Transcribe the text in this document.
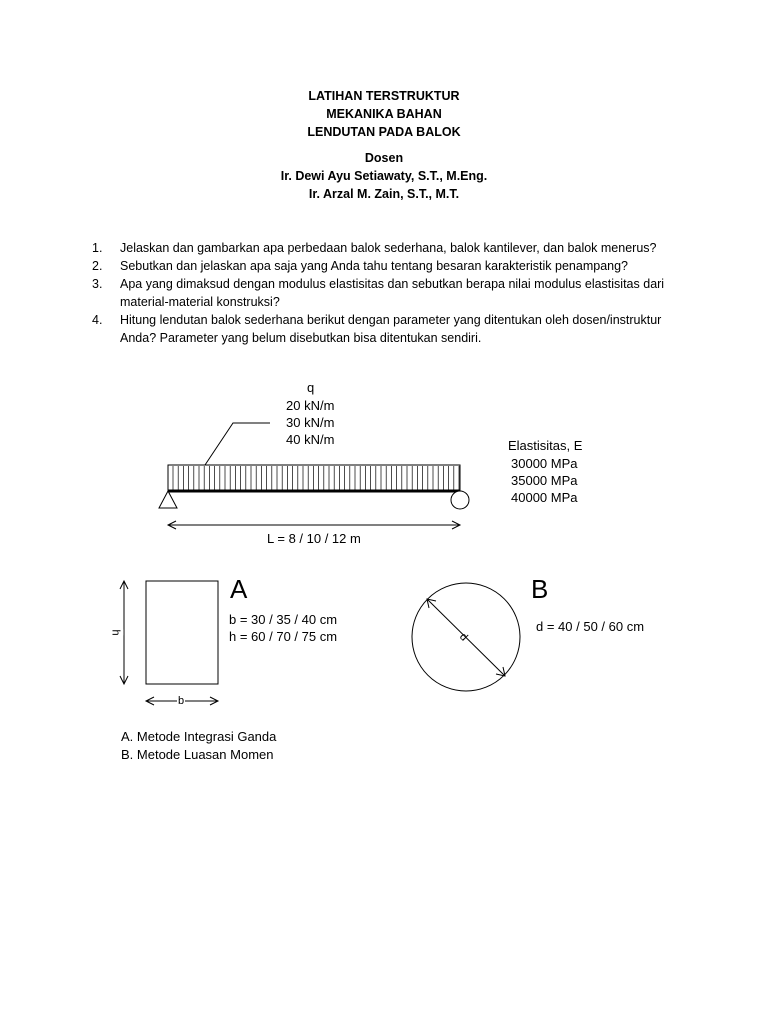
LATIHAN TERSTRUKTUR
MEKANIKA BAHAN
LENDUTAN PADA BALOK
Dosen
Ir. Dewi Ayu Setiawaty, S.T., M.Eng.
Ir. Arzal M. Zain, S.T., M.T.
1. Jelaskan dan gambarkan apa perbedaan balok sederhana, balok kantilever, dan balok menerus?
2. Sebutkan dan jelaskan apa saja yang Anda tahu tentang besaran karakteristik penampang?
3. Apa yang dimaksud dengan modulus elastisitas dan sebutkan berapa nilai modulus elastisitas dari material-material konstruksi?
4. Hitung lendutan balok sederhana berikut dengan parameter yang ditentukan oleh dosen/instruktur Anda? Parameter yang belum disebutkan bisa ditentukan sendiri.
q
20 kN/m
30 kN/m
40 kN/m	Elastisitas, E
30000 MPa
35000 MPa
40000 MPa
L = 8 / 10 / 12 m
A
b = 30 / 35 / 40 cm
h = 60 / 70 / 75 cm
h
b
B
d = 40 / 50 / 60 cm
d
A. Metode Integrasi Ganda
B. Metode Luasan Momen
